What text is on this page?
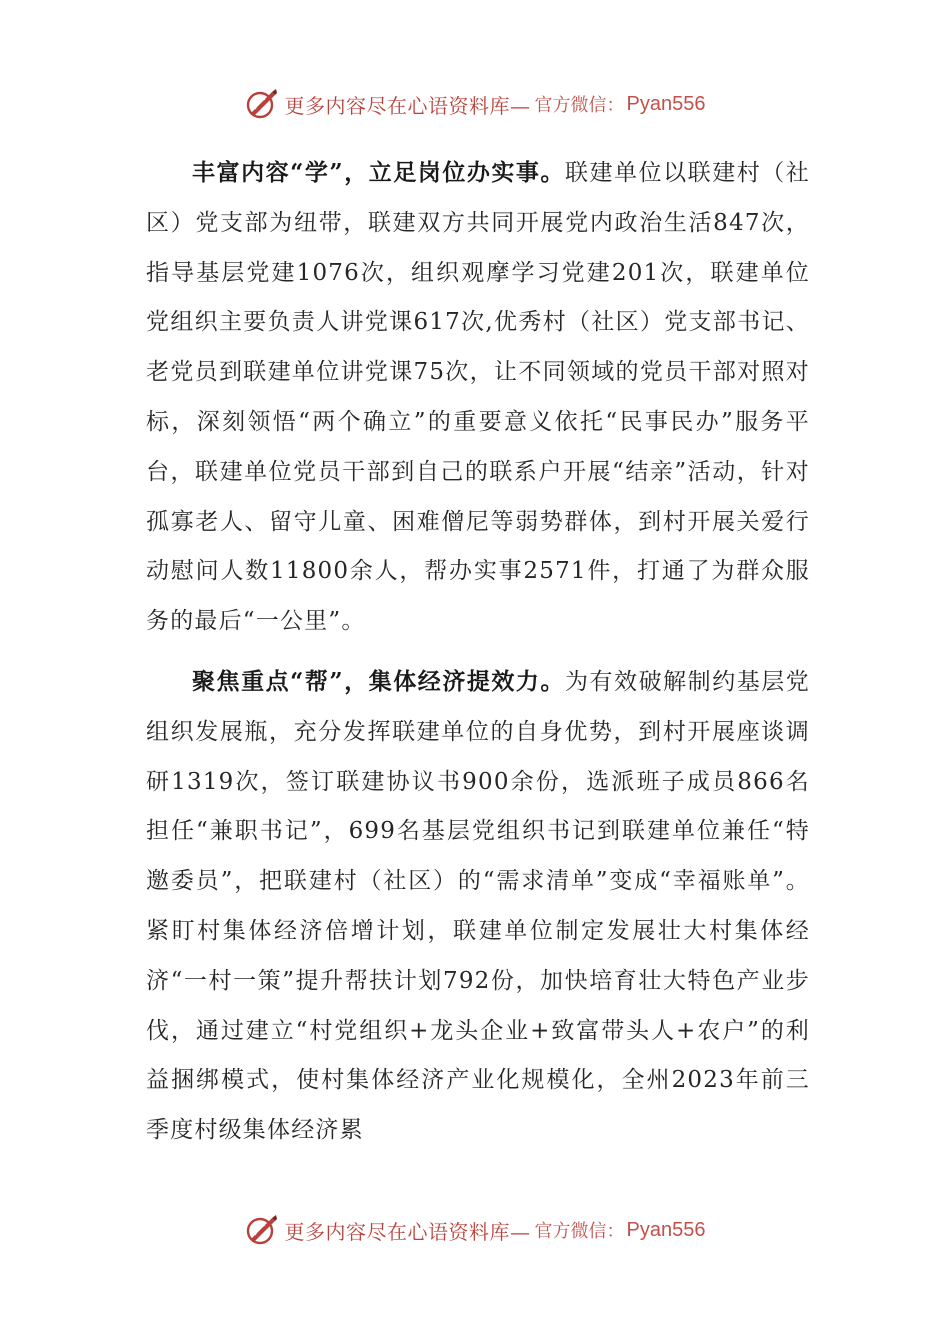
更多内容尽在心语资料库— 官方微信： Pyan556

丰富内容“学”，立足岗位办实事。联建单位以联建村（社区）党支部为纽带，联建双方共同开展党内政治生活847次，指导基层党建1076次，组织观摩学习党建201次，联建单位党组织主要负责人讲党课617次,优秀村（社区）党支部书记、老党员到联建单位讲党课75次，让不同领域的党员干部对照对标，深刻领悟“两个确立”的重要意义依托“民事民办”服务平台，联建单位党员干部到自己的联系户开展“结亲”活动，针对孤寡老人、留守儿童、困难僧尼等弱势群体，到村开展关爱行动慰问人数11800余人，帮办实事2571件，打通了为群众服务的最后“一公里”。

聚焦重点“帮”，集体经济提效力。为有效破解制约基层党组织发展瓶，充分发挥联建单位的自身优势，到村开展座谈调研1319次，签订联建协议书900余份，选派班子成员866名担任“兼职书记”，699名基层党组织书记到联建单位兼任“特邀委员”，把联建村（社区）的“需求清单”变成“幸福账单”。紧盯村集体经济倍增计划，联建单位制定发展壮大村集体经济“一村一策”提升帮扶计划792份，加快培育壮大特色产业步伐，通过建立“村党组织+龙头企业+致富带头人+农户”的利益捆绑模式，使村集体经济产业化规模化，全州2023年前三季度村级集体经济累

更多内容尽在心语资料库— 官方微信： Pyan556
